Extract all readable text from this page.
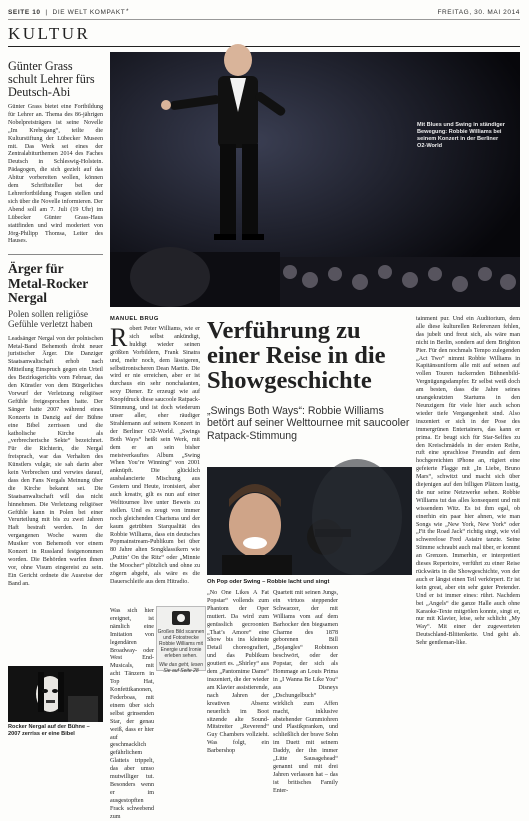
SEITE 10  |  DIE WELT KOMPAKT *	FREITAG, 30. MAI 2014
KULTUR
Günter Grass schult Lehrer fürs Deutsch-Abi

Günter Grass bietet eine Fortbildung für Lehrer an. Thema des 86-jährigen Nobelpreisträgers ist seine Novelle „Im Krebsgang“, teilte die Kulturstiftung der Lübecker Museen mit. Das Werk sei eines der Zentralabiturthemen 2014 des Faches Deutsch in Schleswig-Holstein. Pädagogen, die sich gezielt auf das Abitur vorbereiten wollen, können dem Schriftsteller bei der Lehrerfortbildung Fragen stellen und sich über die Novelle informieren. Der Abend soll am 7. Juli (19 Uhr) im Lübecker Günter Grass-Haus stattfinden und wird moderiert von Jörg-Philipp Thomsa, Leiter des Hauses.

Ärger für Metal-Rocker Nergal

Polen sollen religiöse Gefühle verletzt haben

Leadsänger Nergal von der polnischen Metal-Band Behemoth droht neuer juristischer Ärger. Die Danziger Staatsanwaltschaft erhob nach Mitteilung Einspruch gegen ein Urteil des Bezirksgerichts vom Februar, das den Künstler von dem Bürgerliches Vorwurf der Verletzung religiöser Gefühle freigesprochen hatte. Der Sänger hatte 2007 während eines Konzerts in Danzig auf der Bühne eine Bibel zerrissen und die katholische Kirche als „verbrecherische Sekte“ bezeichnet. Für die Richterin, die Nergal freisprach, war das Verhalten des Künstlers vulgär, sie sah darin aber kein Verbrechen und verwies darauf, dass den Fans Nergals Meinung über die Kirche bekannt sei. Die Staatsanwaltschaft will das nicht hinnehmen. Die Verletzung religiöser Gefühle kann in Polen bei einer Verurteilung mit bis zu zwei Jahren Haft bestraft werden. In der vergangenen Woche waren die Musiker von Behemoth vor einem Konzert in Russland festgenommen worden. Die Behörden warfen ihnen vor, ohne Visum eingereist zu sein. Ein Gericht ordnete die Ausreise der Band an.

Rocker Nergal auf der Bühne – 2007 zerriss er eine Bibel
Mit Blues und Swing in ständiger Bewegung: Robbie Williams bei seinem Konzert in der Berliner O2-World
MANUEL BRUG
Robert Peter Williams, wie er sich selbst ankündigt, huldigt wieder seinen größten Vorbildern, Frank Sinatra und, mehr noch, dem lässigeren, selbstironischeren Dean Martin. Die wird er nie erreichen, aber er ist durchaus ein sehr nonchalanten, sexy Diener. Er erzeugt wie auf Knopfdruck diese saucoole Ratpack-Stimmung, und ist doch wiederum unser aller, eher räudiger Strahlemann auf seinem Konzert in der Berliner O2-World. „Swings Both Ways“ heißt sein Werk, mit dem er an sein bisher meistverkauftes Album „Swing When You’re Winning“ von 2001 anknüpft. Die glücklich ausbalancierte Mischung aus Gestern und Heute, ironisiert, aber auch kreativ, gilt es nun auf einer Welttournee live unter Beweis zu stellen. Und es zeugt von immer noch gleichenden Charisma und der kaum getrübten Starqualität des Robbie Williams, dass ein deutsches Popmainstream-Publikum bei über 80 Jahre alten Songklassikern wie „Puttin’ On the Ritz“ oder „Minnie the Moocher“ plötzlich und ohne zu zögern abgeht, als wäre es die Dauerschleife aus dem Hitradio.
Was sich hier ereignet, ist nämlich eine Imitation von legendären Broadway- oder West End-Musicals, mit acht Tänzern in Top Hat, Konfettikanonen, Federboas, mit einem über sich selbst grinsenden Star, der genau weiß, dass er hier auf geschmacklich gefährlichem Glatteis trippelt, das aber umso mutwilliger tut. Besonders wenn er im ausgestopften Frack schwebend zum
Großes Bild scannen und Fotostrecke Robbie Williams mit Energie und Ironie erleben sehen.
Wie das geht, lesen Sie auf Seite 28
Verführung zu einer Reise in die Showgeschichte

„Swings Both Ways“: Robbie Williams betört auf seiner Welttournee mit saucooler Ratpack-Stimmung

Oh Pop oder Swing – Robbie lacht und singt
„No One Likes A Fat Popstar“ vollends zum Phantom der Oper mutiert. Da wird zum genüsslich gecroonten „That’s Amore“ eine Show bis ins kleinste Detail choreografiert, und das Publikum goutiert es. „Shirley“ aus dem „Pantomime Dame“ inszeniert, die der wieder am Klavier assistierende, nach Jahren der kreativen Absenz neuerlich im Boot sitzende alte Sound-Mitstreiter „Reverend“ Guy Chambers vollzieht. Was folgt, ein Barbershop
Quartett mit seinen Jungs, ein virtuos steppender Schwarzer, der mit Williams vom auf dem Barhocker den biegsamen Charme des 1878 geborenen Bill „Bojangles“ Robinson beschwört, oder der Popstar, der sich als Hommage an Louis Prima in „I Wanna Be Like You“ aus Disneys „Dschungelbuch“ wirklich zum Affen macht, inklusive abstehender Gummiohren und Plastikpranken, und schließlich der brave Sohn im Duett mit seinem Daddy, der ihn immer „Litte Sausagehead“ genannt und mit drei Jahren verlassen hat – das ist britisches Family Enter-
tainment pur. Und ein Auditorium, dem alle diese kulturellen Referenzen fehlen, das jubelt und freut sich, als wäre man nicht in Berlin, sondern auf dem Brighton Pier. Für den nochmals Tempo zulegenden „Act Two“ nimmt Robbie Williams in Kapitänsuniform alle mit auf seinen auf vollen Touren tuckernden Bühnenbild-Vergnügungsdampfer. Er selbst weiß doch am besten, dass die Jahre seines unangekratzten Startums in den Neunzigern für viele hier auch schon wieder tiefe Vergangenheit sind. Also inszeniert er sich in der Pose des immergrünen Entertainers, das kann er prima. Er beugt sich für Star-Selfies zu den Kreischmädels in der ersten Reihe, ruft eine sprachlose Freundin auf dem hochgereichten iPhone an, rügiert eine gefeierte Flagge mit „In Liebe, Bruno Mars“, schwitzt und macht sich über diejenigen auf den billigen Plätzen lustig, die nur seine Netzwerke sehen. Robbie Williams tut das alles konsequent und mit wissendem Witz. Es ist ihm egal, ob einerhin ein paar hier ahnen, wie man Songs wie „New York, New York“ oder „Fit the Road Jack“ richtig singt, wie viel schwerelose Fred Astaire tanzte. Seine Stimme schraubt auch mal über, er kommt an Grenzen. Immerhin, er interpretiert dieses Repertoire, verführt zu einer Reise rückwärts in die Showgeschichte, von der auch er längst einen Teil verkörpert. Er ist kein great, aber ein sehr guter Pretender. Und er ist immer eines: rührt. Nachdem bei „Angels“ die ganze Halle auch ohne Karaoke-Texte mitgrölen konnte, singt er, nur mit Klavier, leise, sehr schlicht „My Way“. Mit einer der zugewerteten Deutschland-Bliitenkette. Und geht ab. Sehr gentleman-like.
